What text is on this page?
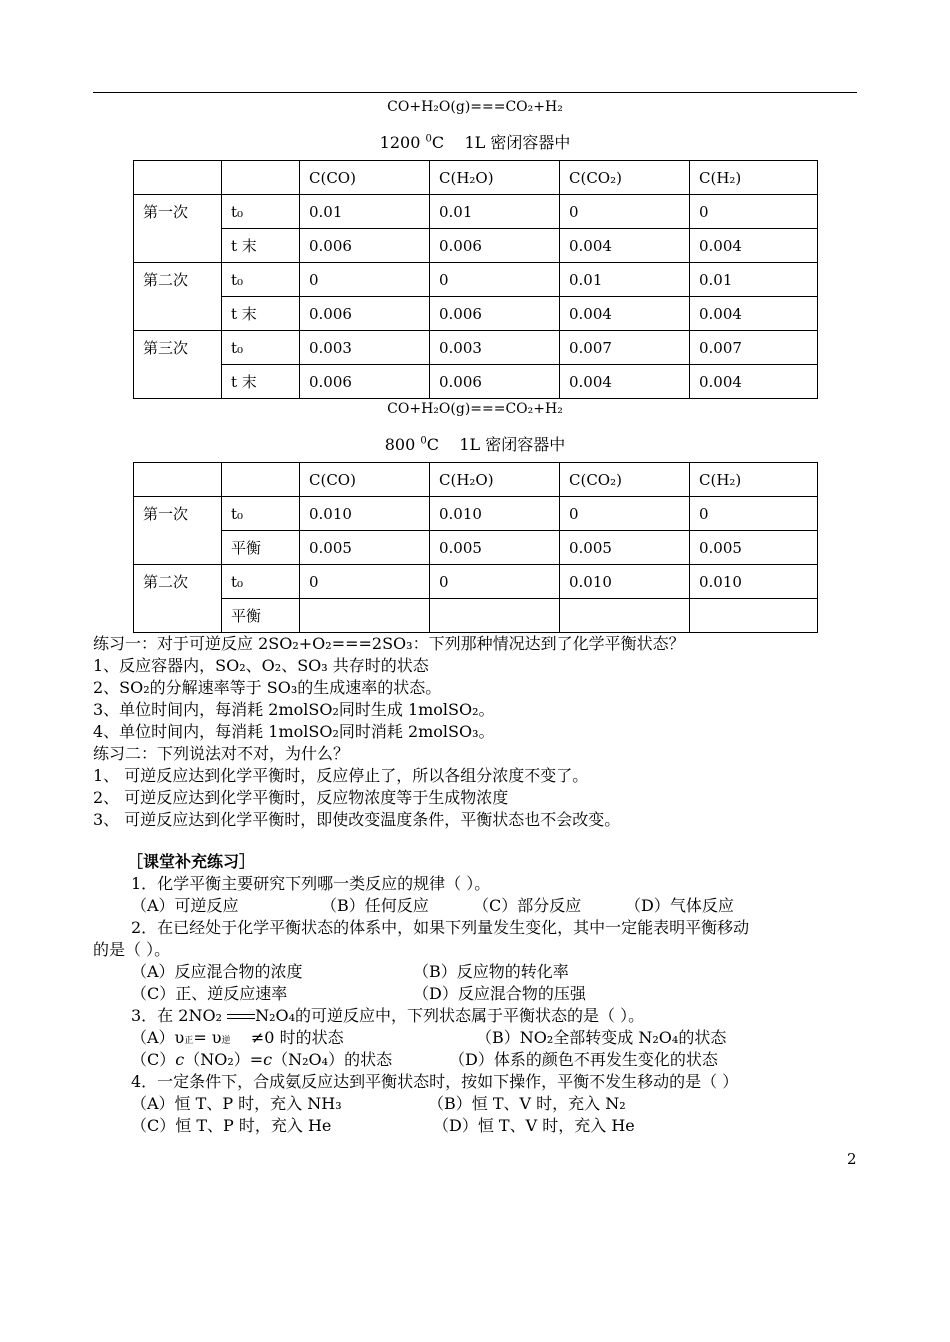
CO+H₂O(g)===CO₂+H₂
1200 $^0$C 1L 密闭容器中
		C(CO)	C(H₂O)	C(CO₂)	C(H₂)
第一次	t₀	0.01	0.01	0	0
	t 末	0.006	0.006	0.004	0.004
第二次	t₀	0	0	0.01	0.01
	t 末	0.006	0.006	0.004	0.004
第三次	t₀	0.003	0.003	0.007	0.007
	t 末	0.006	0.006	0.004	0.004
CO+H₂O(g)===CO₂+H₂
800 $^0$C 1L 密闭容器中
		C(CO)	C(H₂O)	C(CO₂)	C(H₂)
第一次	t₀	0.010	0.010	0	0
	平衡	0.005	0.005	0.005	0.005
第二次	t₀	0	0	0.010	0.010
	平衡				
练习一：对于可逆反应 2SO₂+O₂===2SO₃：下列那种情况达到了化学平衡状态？
1、反应容器内，SO₂、O₂、SO₃ 共存时的状态
2、SO₂的分解速率等于 SO₃的生成速率的状态。
3、单位时间内，每消耗 2molSO₂同时生成 1molSO₂。
4、单位时间内，每消耗 1molSO₂同时消耗 2molSO₃。
练习二：下列说法对不对，为什么？
1、 可逆反应达到化学平衡时，反应停止了，所以各组分浓度不变了。
2、 可逆反应达到化学平衡时，反应物浓度等于生成物浓度
3、 可逆反应达到化学平衡时，即使改变温度条件，平衡状态也不会改变。
［课堂补充练习］
1．化学平衡主要研究下列哪一类反应的规律（ ）。
（A）可逆反应	（B）任何反应	（C）部分反应	（D）气体反应
2．在已经处于化学平衡状态的体系中，如果下列量发生变化，其中一定能表明平衡移动
的是（ ）。
（A）反应混合物的浓度	（B）反应物的转化率
（C）正、逆反应速率	（D）反应混合物的压强
3．在 2NO₂ N₂O₄的可逆反应中，下列状态属于平衡状态的是（ ）。
（A）υ正= υ逆 ≠0 时的状态	（B）NO₂全部转变成 N₂O₄的状态
（C）c（NO₂）=c（N₂O₄）的状态	（D）体系的颜色不再发生变化的状态
4．一定条件下，合成氨反应达到平衡状态时，按如下操作，平衡不发生移动的是（ ）
（A）恒 T、P 时，充入 NH₃	（B）恒 T、V 时，充入 N₂
（C）恒 T、P 时，充入 He	（D）恒 T、V 时，充入 He
2
